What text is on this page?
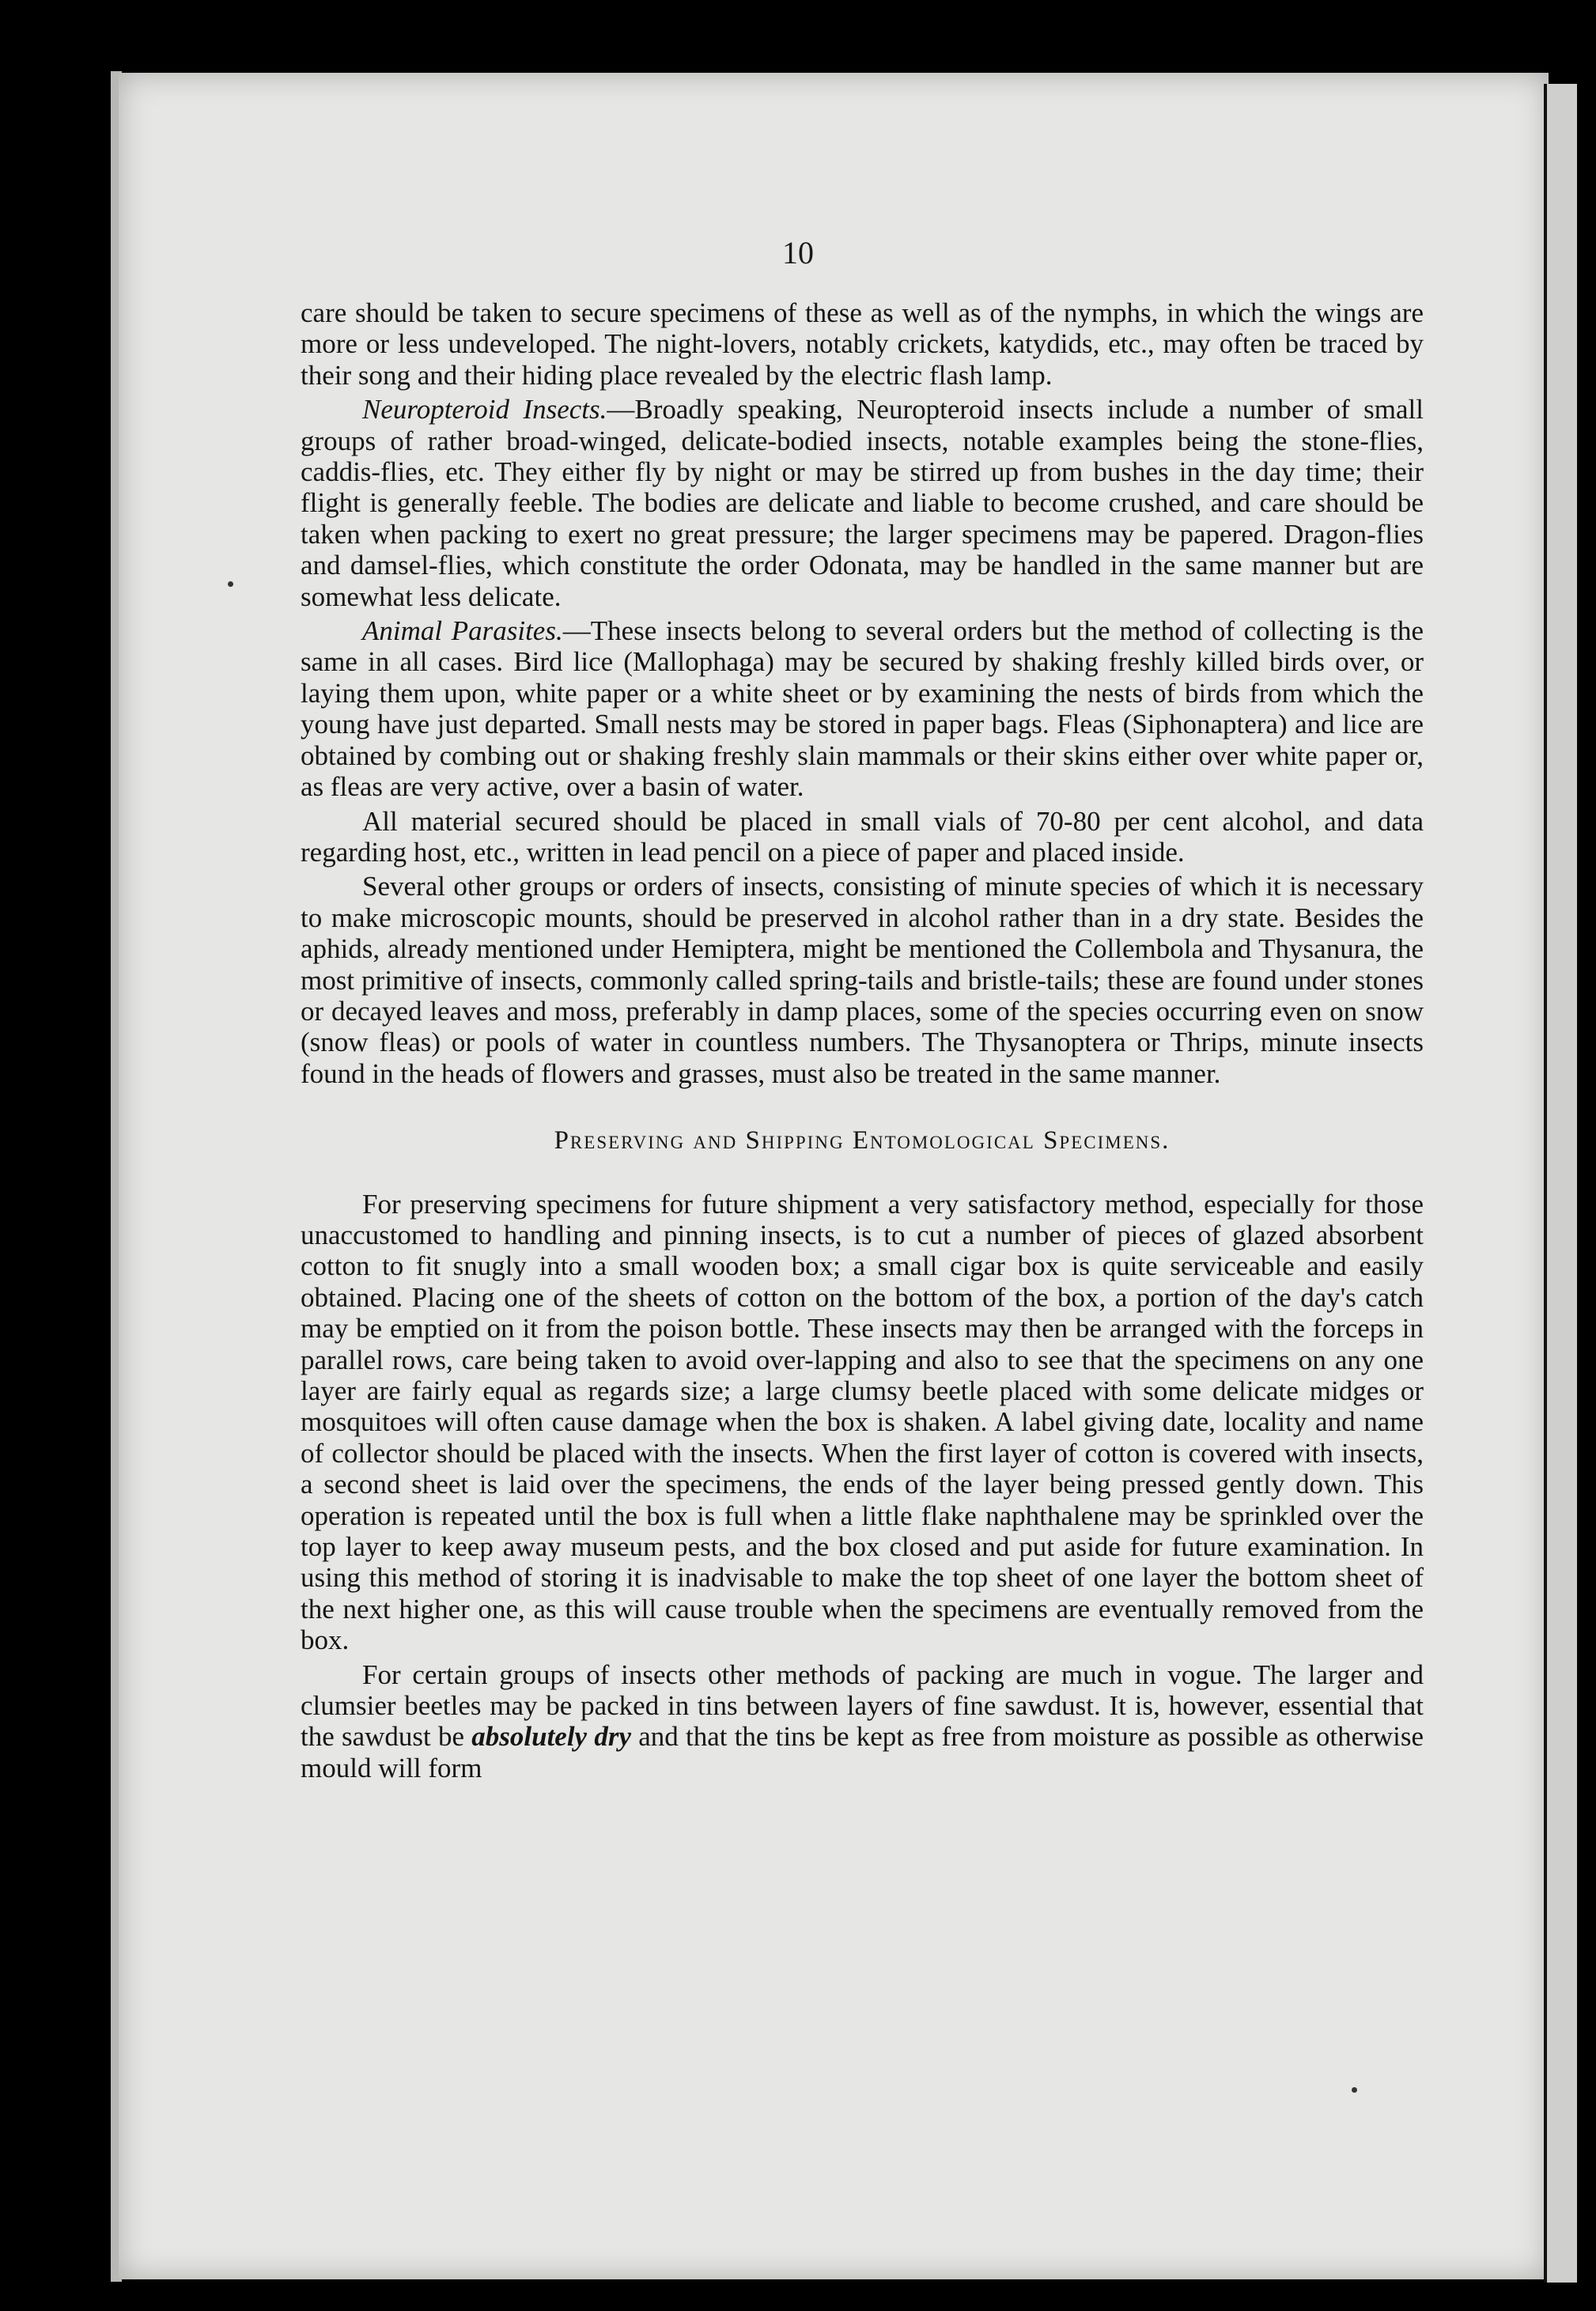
10

care should be taken to secure specimens of these as well as of the nymphs, in which the wings are more or less undeveloped. The night-lovers, notably crickets, katydids, etc., may often be traced by their song and their hiding place revealed by the electric flash lamp.

Neuropteroid Insects.—Broadly speaking, Neuropteroid insects include a number of small groups of rather broad-winged, delicate-bodied insects, notable examples being the stone-flies, caddis-flies, etc. They either fly by night or may be stirred up from bushes in the day time; their flight is generally feeble. The bodies are delicate and liable to become crushed, and care should be taken when packing to exert no great pressure; the larger specimens may be papered. Dragon-flies and damsel-flies, which constitute the order Odonata, may be handled in the same manner but are somewhat less delicate.

Animal Parasites.—These insects belong to several orders but the method of collecting is the same in all cases. Bird lice (Mallophaga) may be secured by shaking freshly killed birds over, or laying them upon, white paper or a white sheet or by examining the nests of birds from which the young have just departed. Small nests may be stored in paper bags. Fleas (Siphonaptera) and lice are obtained by combing out or shaking freshly slain mammals or their skins either over white paper or, as fleas are very active, over a basin of water.

All material secured should be placed in small vials of 70-80 per cent alcohol, and data regarding host, etc., written in lead pencil on a piece of paper and placed inside.

Several other groups or orders of insects, consisting of minute species of which it is necessary to make microscopic mounts, should be preserved in alcohol rather than in a dry state. Besides the aphids, already mentioned under Hemiptera, might be mentioned the Collembola and Thysanura, the most primitive of insects, commonly called spring-tails and bristle-tails; these are found under stones or decayed leaves and moss, preferably in damp places, some of the species occurring even on snow (snow fleas) or pools of water in countless numbers. The Thysanoptera or Thrips, minute insects found in the heads of flowers and grasses, must also be treated in the same manner.

Preserving and Shipping Entomological Specimens.

For preserving specimens for future shipment a very satisfactory method, especially for those unaccustomed to handling and pinning insects, is to cut a number of pieces of glazed absorbent cotton to fit snugly into a small wooden box; a small cigar box is quite serviceable and easily obtained. Placing one of the sheets of cotton on the bottom of the box, a portion of the day's catch may be emptied on it from the poison bottle. These insects may then be arranged with the forceps in parallel rows, care being taken to avoid over-lapping and also to see that the specimens on any one layer are fairly equal as regards size; a large clumsy beetle placed with some delicate midges or mosquitoes will often cause damage when the box is shaken. A label giving date, locality and name of collector should be placed with the insects. When the first layer of cotton is covered with insects, a second sheet is laid over the specimens, the ends of the layer being pressed gently down. This operation is repeated until the box is full when a little flake naphthalene may be sprinkled over the top layer to keep away museum pests, and the box closed and put aside for future examination. In using this method of storing it is inadvisable to make the top sheet of one layer the bottom sheet of the next higher one, as this will cause trouble when the specimens are eventually removed from the box.

For certain groups of insects other methods of packing are much in vogue. The larger and clumsier beetles may be packed in tins between layers of fine sawdust. It is, however, essential that the sawdust be absolutely dry and that the tins be kept as free from moisture as possible as otherwise mould will form
